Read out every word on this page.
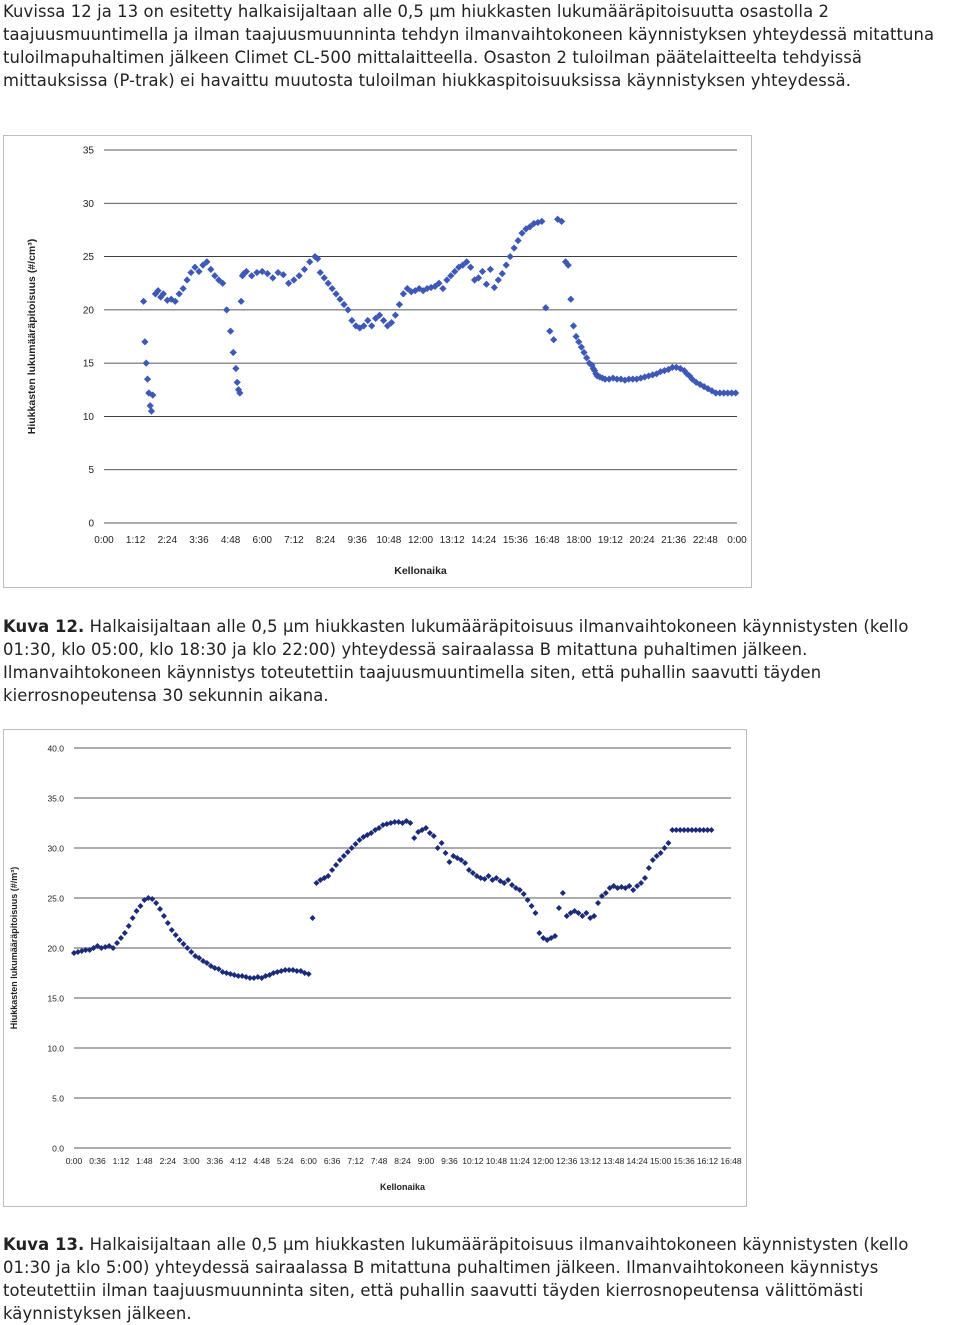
Kuvissa 12 ja 13 on esitetty halkaisijaltaan alle 0,5 μm hiukkasten lukumääräpitoisuutta osastolla 2 taajuusmuuntimella ja ilman taajuusmuunninta tehdyn ilmanvaihtokoneen käynnistyksen yhteydessä mitattuna tuloilmapuhaltimen jälkeen Climet CL-500 mittalaitteella. Osaston 2 tuloilman päätelaitteelta tehdyissä mittauksissa (P-trak) ei havaittu muutosta tuloilman hiukkaspitoisuuksissa käynnistyksen yhteydessä.
0
5
10
15
20
25
30
35
0:00 1:12 2:24 3:36 4:48 6:00 7:12 8:24 9:36 10:48 12:00 13:12 14:24 15:36 16:48 18:00 19:12 20:24 21:36 22:48 0:00
Kellonaika
Hiukkasten lukumääräpitoisuus (#/cm³)
Kuva 12. Halkaisijaltaan alle 0,5 μm hiukkasten lukumääräpitoisuus ilmanvaihtokoneen käynnistysten (kello 01:30, klo 05:00, klo 18:30 ja klo 22:00) yhteydessä sairaalassa B mitattuna puhaltimen jälkeen. Ilmanvaihtokoneen käynnistys toteutettiin taajuusmuuntimella siten, että puhallin saavutti täyden kierrosnopeutensa 30 sekunnin aikana.
0.0
5.0
10.0
15.0
20.0
25.0
30.0
35.0
40.0
0:00 0:36 1:12 1:48 2:24 3:00 3:36 4:12 4:48 5:24 6:00 6:36 7:12 7:48 8:24 9:00 9:36 10:12 10:48 11:24 12:00 12:36 13:12 13:48 14:24 15:00 15:36 16:12 16:48
Kellonaika
Hiukkasten lukumääräpitoisuus (#/m³)
Kuva 13. Halkaisijaltaan alle 0,5 μm hiukkasten lukumääräpitoisuus ilmanvaihtokoneen käynnistysten (kello 01:30 ja klo 5:00) yhteydessä sairaalassa B mitattuna puhaltimen jälkeen. Ilmanvaihtokoneen käynnistys toteutettiin ilman taajuusmuunninta siten, että puhallin saavutti täyden kierrosnopeutensa välittömästi käynnistyksen jälkeen.
